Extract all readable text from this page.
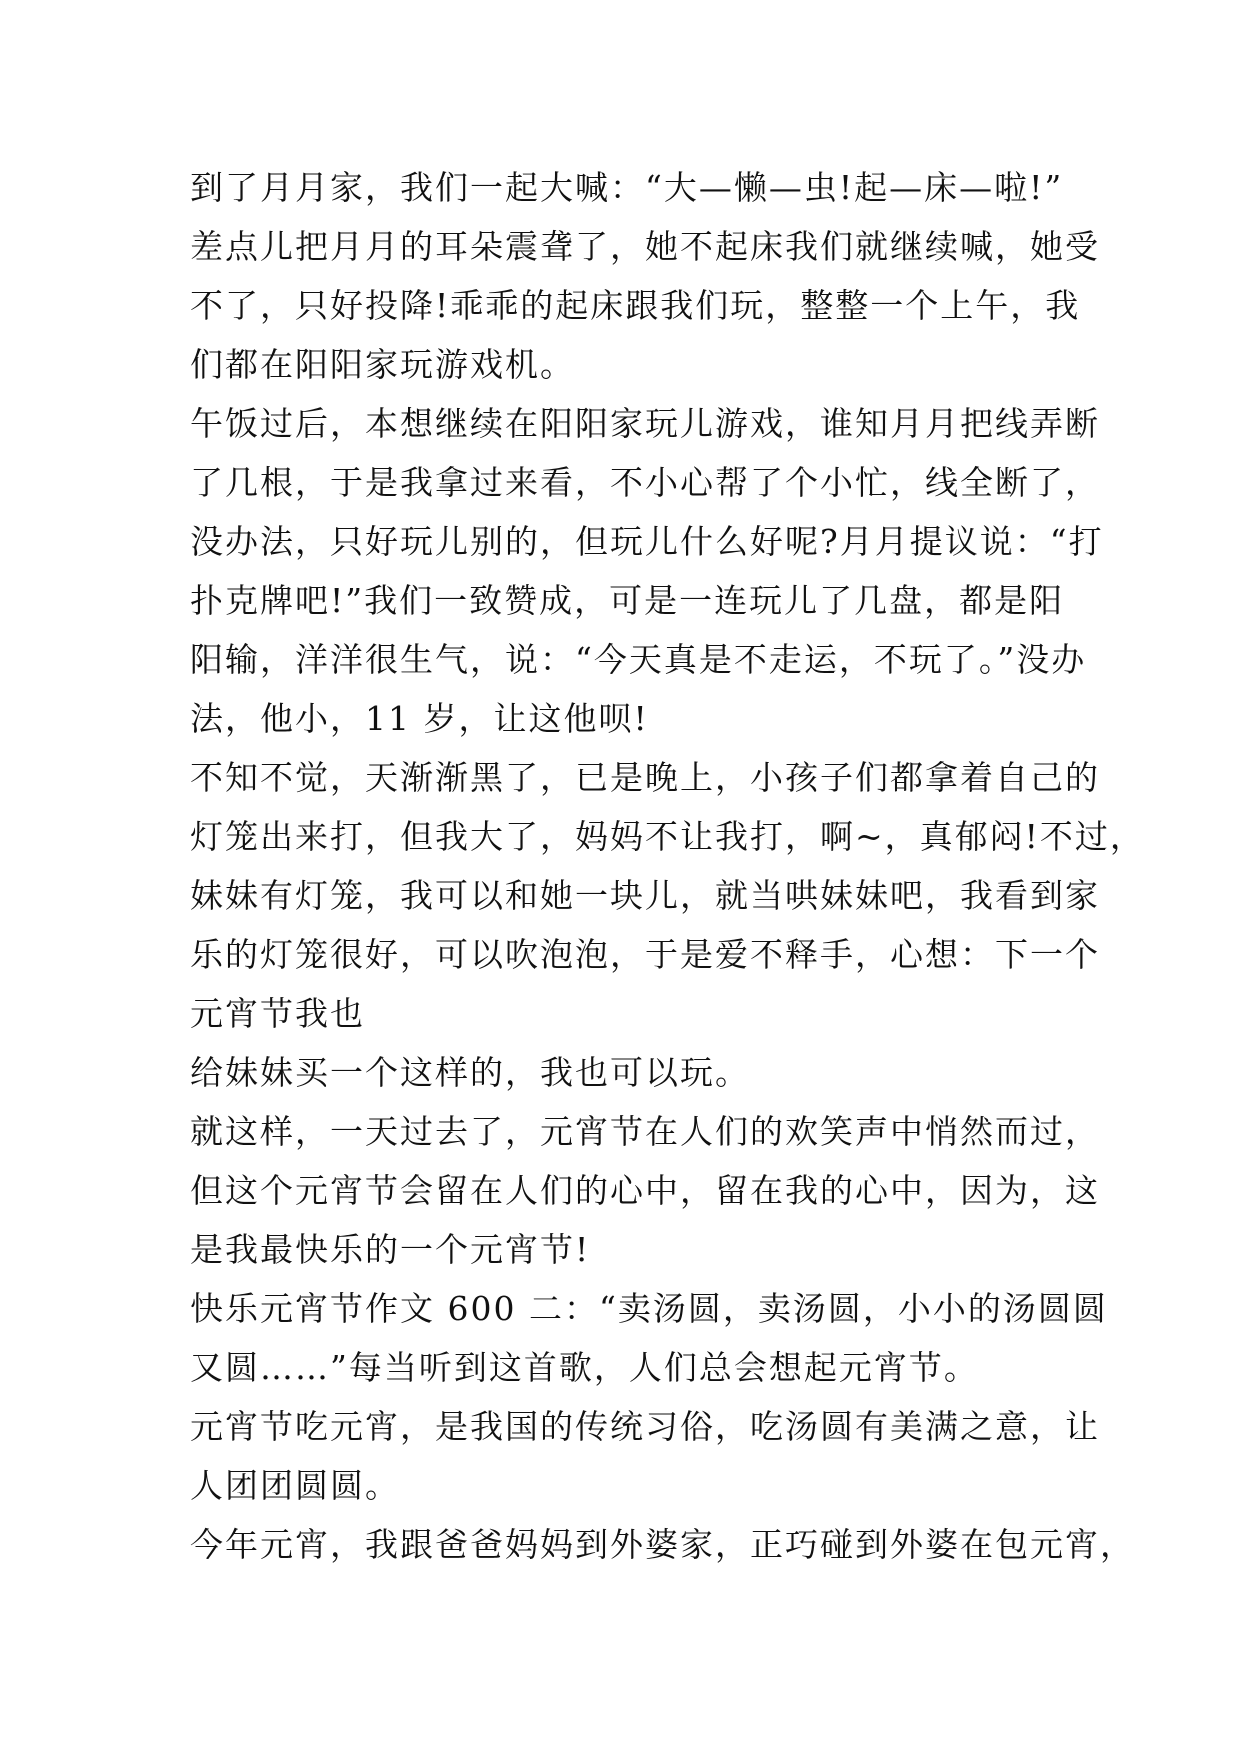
到了月月家，我们一起大喊：“大—懒—虫!起—床—啦!”
差点儿把月月的耳朵震聋了，她不起床我们就继续喊，她受
不了，只好投降!乖乖的起床跟我们玩，整整一个上午，我
们都在阳阳家玩游戏机。
午饭过后，本想继续在阳阳家玩儿游戏，谁知月月把线弄断
了几根，于是我拿过来看，不小心帮了个小忙，线全断了，
没办法，只好玩儿别的，但玩儿什么好呢?月月提议说：“打
扑克牌吧!”我们一致赞成，可是一连玩儿了几盘，都是阳
阳输，洋洋很生气，说：“今天真是不走运，不玩了。”没办
法，他小，11 岁，让这他呗!
不知不觉，天渐渐黑了，已是晚上，小孩子们都拿着自己的
灯笼出来打，但我大了，妈妈不让我打，啊~，真郁闷!不过，
妹妹有灯笼，我可以和她一块儿，就当哄妹妹吧，我看到家
乐的灯笼很好，可以吹泡泡，于是爱不释手，心想：下一个
元宵节我也
给妹妹买一个这样的，我也可以玩。
就这样，一天过去了，元宵节在人们的欢笑声中悄然而过，
但这个元宵节会留在人们的心中，留在我的心中，因为，这
是我最快乐的一个元宵节!
快乐元宵节作文 600 二：“卖汤圆，卖汤圆，小小的汤圆圆
又圆……”每当听到这首歌，人们总会想起元宵节。
元宵节吃元宵，是我国的传统习俗，吃汤圆有美满之意，让
人团团圆圆。
今年元宵，我跟爸爸妈妈到外婆家，正巧碰到外婆在包元宵，
